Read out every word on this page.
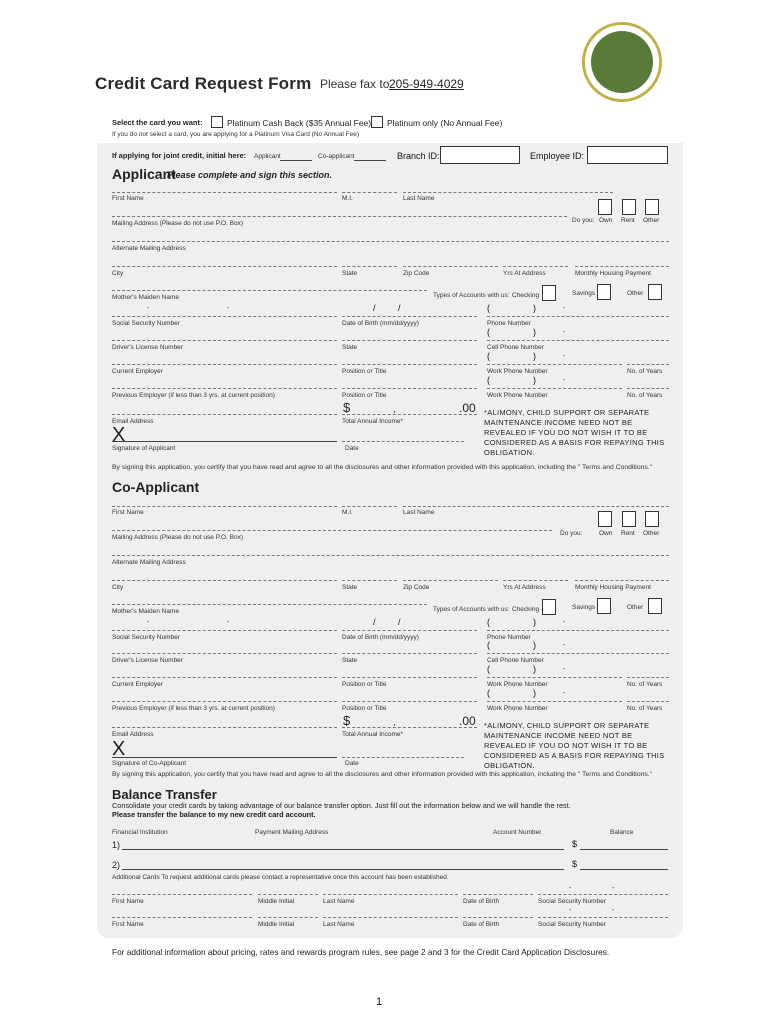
Credit Card Request Form Please fax to 205-949-4029
Select the card you want:	Platinum Cash Back ($35 Annual Fee) Platinum only (No Annual Fee)
If you do not select a card, you are applying for a Platinum Visa Card (No Annual Fee)
If applying for joint credit, initial here: Applicant	Co-applicant	Branch ID:	Employee ID:
Applicant
Please complete and sign this section.
First Name	M.I.	Last Name
Mailing Address (Please do not use P.O. Box)	Do you: Own Rent Other
Alternate Mailing Address
City	State	Zip Code	Yrs At Address	Monthly Housing Payment
Mother's Maiden Name	Types of Accounts with us: Checking	Savings	Other
-	-	/ /	(	)	-
Social Security Number	Date of Birth (mm/dd/yyyy)	Phone Number
(	)	-
Driver's License Number	State	Cell Phone Number
(	)	-
Current Employer	Position or Title	Work Phone Number	No. of Years
(	)	-
Previous Employer (if less than 3 yrs. at current position)	Position or Title	Work Phone Number	No. of Years
$	,	.00
Email Address	Total Annual Income*
*ALIMONY, CHILD SUPPORT OR SEPARATE MAINTENANCE INCOME NEED NOT BE REVEALED IF YOU DO NOT WISH IT TO BE CONSIDERED AS A BASIS FOR REPAYING THIS OBLIGATION.
X
Signature of Applicant	Date
By signing this application, you certify that you have read and agree to all the disclosures and other information provided with this application, including the " Terms and Conditions."
Co-Applicant
First Name	M.I.	Last Name
Mailing Address (Please do not use P.O. Box)
Do you:	Own Rent Other
Alternate Mailing Address
City	State	Zip Code	Yrs At Address	Monthly Housing Payment
Mother's Maiden Name	Types of Accounts with us: Checking	Savings	Other
-	-	/ /	(	)	-
Social Security Number	Date of Birth (mm/dd/yyyy)	Phone Number
(	)	-
Driver's License Number	State	Cell Phone Number
(	)	-
Current Employer	Position or Title	Work Phone Number	No. of Years
(	)	-
Previous Employer (if less than 3 yrs. at current position)	Position or Title	Work Phone Number	No. of Years
$	,	.00
Email Address	Total Annual Income*
*ALIMONY, CHILD SUPPORT OR SEPARATE MAINTENANCE INCOME NEED NOT BE REVEALED IF YOU DO NOT WISH IT TO BE CONSIDERED AS A BASIS FOR REPAYING THIS OBLIGATION.
X
Signature of Co-Applicant	Date
By signing this application, you certify that you have read and agree to all the disclosures and other information provided with this application, including the " Terms and Conditions."
Balance Transfer
Consolidate your credit cards by taking advantage of our balance transfer option. Just fill out the information below and we will handle the rest.
Please transfer the balance to my new credit card account.
Financial Institution	Payment Mailing Address	Account Number	Balance
1)	$
2)	$
Additional Cards To request additional cards please contact a representative once this account has been established.
-	-
First Name	Middle Initial	Last Name	Date of Birth	Social Security Number
-	-
First Name	Middle Initial	Last Name	Date of Birth	Social Security Number
For additional information about pricing, rates and rewards program rules, see page 2 and 3 for the Credit Card Application Disclosures.
1
